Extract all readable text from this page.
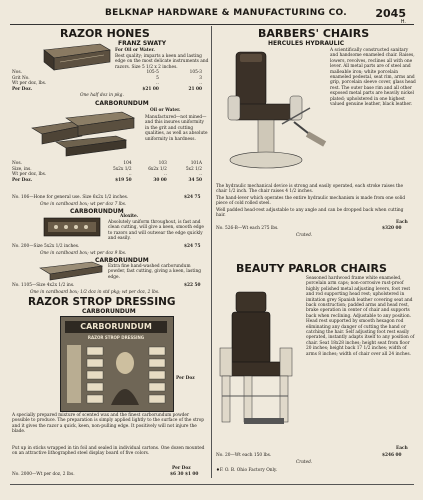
BELKNAP HARDWARE & MANUFACTURING CO.	2045
H.
RAZOR HONES
FRANZ SWATY
For Oil or Water.
Best quality; imparts a keen and lasting edge on the most delicate instruments and razors. Size 5 1/2 x 2 inches.
Nos.	105-5	105-3
Grit No.	5	3
Wt per doz, lbs.	..	..
Per Doz.	$21 00	21 00
One half doz in pkg.
CARBORUNDUM
Oil or Water.
Manufactured—not mined—and this insures uniformity in the grit and cutting qualities, as well as absolute uniformity in hardness.
Nos.	104	103	101A
Size, ins.	5x2x 1/2	6x2x 1/2	5x2 1/2
Wt per doz, lbs.	..	..	..
Per Doz.	$19 50	30 00	34 50
No. 106—Hone for general use. Size 6x2x 1/2 inches.	$24 75
One in cardboard box; wt per doz 7 lbs.
CARBORUNDUM
Aloxite.
Absolutely uniform throughout, is fast and clean cutting, will give a keen, smooth edge to razors and will outwear the edge quickly and easily.
No. 200—Size 5x2x 1/2 inches.	$24 75
One in cardboard box; wt per doz 9 lbs.
CARBORUNDUM
Extra fine hand-washed carborundum powder, fast cutting, giving a keen, lasting edge.
No. 1105—Size 4x2x 1/2 ins.	$22 50
One in cardboard box; 1/2 doz in std pkg; wt per doz, 2 lbs.
RAZOR STROP DRESSING
CARBORUNDUM
CARBORUNDUM
RAZOR STROP DRESSING
Per Doz
A specially prepared mixture of scented wax and the finest carborundum powder possible to produce. The preparation is simply applied lightly to the surface of the strop and it gives the razor a quick, keen, non-pulling edge. It positively will not injure the blade.
Put up in sticks wrapped in tin foil and sealed in individual cartons. One dozen mounted on an attractive lithographed steel display board of five colors.
Per Doz
No. 2000—Wt per doz, 2 lbs.	$6 30 $1 00
BARBERS' CHAIRS
HERCULES HYDRAULIC
A scientifically constructed sanitary and handsome enameled chair. Raises, lowers, revolves, reclines all with one lever. All metal parts are of steel and malleable iron; white porcelain enameled pedestal, seat rim, arms and grip, porcelain sleeve cover, glass head rest. The outer base rim and all other exposed metal parts are heavily nickel plated; upholstered in one highest valued genuine leather, black leather.
The hydraulic mechanical device is strong and easily operated, each stroke raises the chair 1/2 inch. The chair raises 4 1/2 inches.
The hand-lever which operates the entire hydraulic mechanism is made from one solid piece of cold rolled steel.
Well padded head-rest adjustable to any angle and can be dropped back when cutting hair.
Each
No. 526-B—Wt each 275 lbs.	$320 00
Crated.
BEAUTY PARLOR CHAIRS
Seasoned hardwood frame white enameled, porcelain arm caps; non-corrosive rust-proof highly polished metal adjusting levers, foot rest and rod supporting head rest; upholstered in imitation grey Spanish leather covering seat and back construction; padded arms and head rest, brake operation in center of chair and supports back when reclining. Adjustable to any position. Head rest supported by smooth hexagon rod eliminating any danger of cutting the hand or catching the hair. Self adjusting foot rest easily operated, instantly adapts itself to any position of chair. Seat 18x28 inches; height seat from floor 20 inches; height back 17 1/2 inches; width of arms 8 inches; width of chair over all 24 inches.
Each
No. 20—Wt each 150 lbs.	$246 00
Crated.
♦F. O. B. Ohio Factory Only.
